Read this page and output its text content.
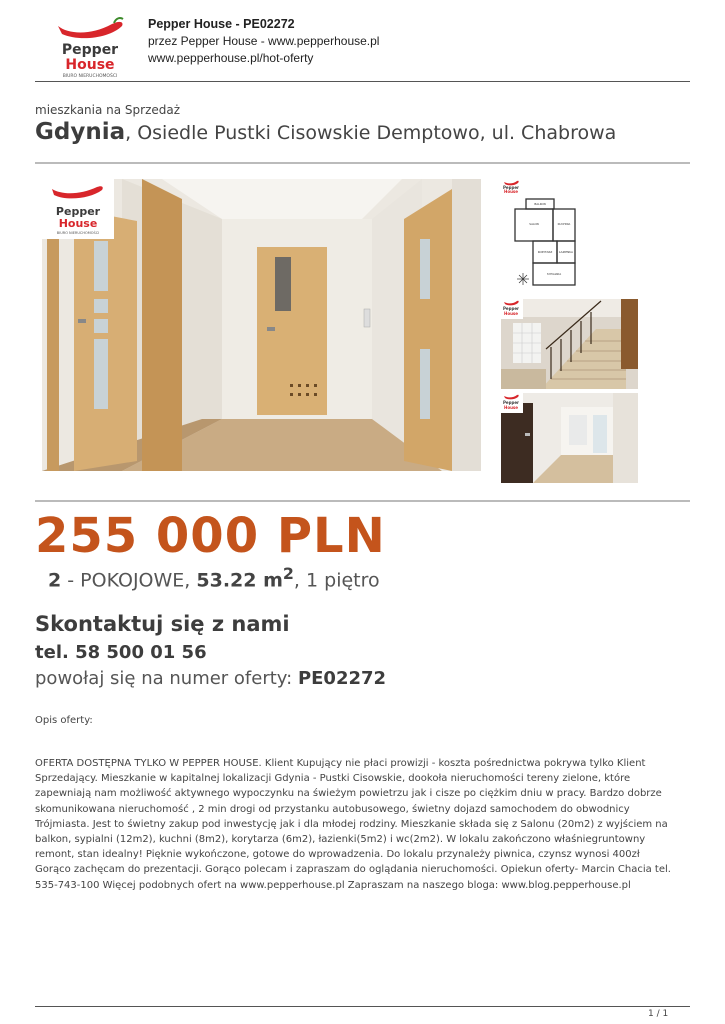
Pepper
House
BIURO NIERUCHOMOŚCI
Pepper House - PE02272
przez Pepper House - www.pepperhouse.pl
www.pepperhouse.pl/hot-oferty
mieszkania na Sprzedaż
Gdynia, Osiedle Pustki Cisowskie Demptowo, ul. Chabrowa
Pepper
House
BIURO NIERUCHOMOŚCI
Pepper
House
BALKON
SALON	KUCHNIA
KORYTARZ	ŁAZIENKA
SYPIALNIA
Pepper
House
Pepper
House
255 000 PLN
2 - POKOJOWE, 53.22 $m^2$, 1 piętro
Skontaktuj się z nami
tel. 58 500 01 56
powołaj się na numer oferty: PE02272
Opis oferty:
OFERTA DOSTĘPNA TYLKO W PEPPER HOUSE. Klient Kupujący nie płaci prowizji - koszta pośrednictwa pokrywa tylko Klient Sprzedający. Mieszkanie w kapitalnej lokalizacji Gdynia - Pustki Cisowskie, dookoła nieruchomości tereny zielone, które zapewniają nam możliwość aktywnego wypoczynku na świeżym powietrzu jak i cisze po ciężkim dniu w pracy. Bardzo dobrze skomunikowana nieruchomość , 2 min drogi od przystanku autobusowego, świetny dojazd samochodem do obwodnicy Trójmiasta. Jest to świetny zakup pod inwestycję jak i dla młodej rodziny. Mieszkanie składa się z Salonu (20m2) z wyjściem na balkon, sypialni (12m2), kuchni (8m2), korytarza (6m2), łazienki(5m2) i wc(2m2). W lokalu zakończono właśniegruntowny remont, stan idealny! Pięknie wykończone, gotowe do wprowadzenia. Do lokalu przynależy piwnica, czynsz wynosi 400zł Gorąco zachęcam do prezentacji. Gorąco polecam i zapraszam do oglądania nieruchomości. Opiekun oferty- Marcin Chacia tel. 535-743-100 Więcej podobnych ofert na www.pepperhouse.pl Zapraszam na naszego bloga: www.blog.pepperhouse.pl
1 / 1
